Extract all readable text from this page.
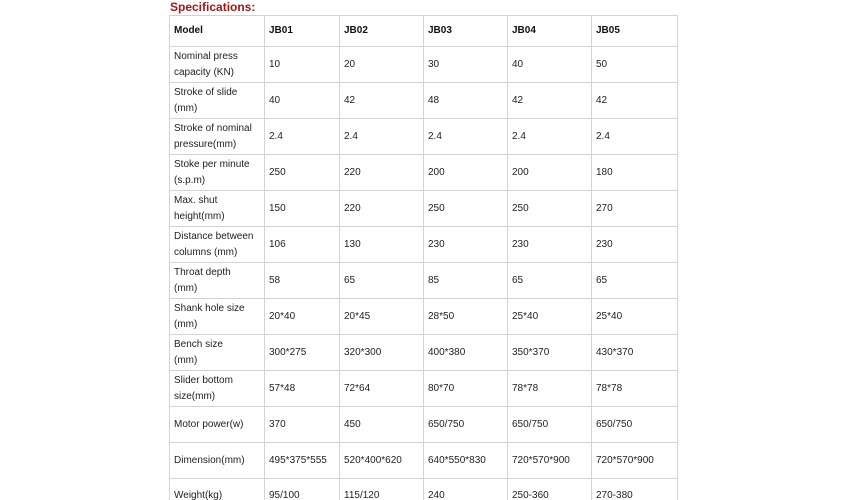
Specifications:
Model	JB01	JB02	JB03	JB04	JB05
Nominal press
capacity (KN)	10	20	30	40	50
Stroke of slide
(mm)	40	42	48	42	42
Stroke of nominal
pressure(mm)	2.4	2.4	2.4	2.4	2.4
Stoke per minute
(s.p.m)	250	220	200	200	180
Max. shut
height(mm)	150	220	250	250	270
Distance between
columns (mm)	106	130	230	230	230
Throat depth
(mm)	58	65	85	65	65
Shank hole size
(mm)	20*40	20*45	28*50	25*40	25*40
Bench size
(mm)	300*275	320*300	400*380	350*370	430*370
Slider bottom
size(mm)	57*48	72*64	80*70	78*78	78*78
Motor power(w)	370	450	650/750	650/750	650/750
Dimension(mm)	495*375*555	520*400*620	640*550*830	720*570*900	720*570*900
Weight(kg)	95/100	115/120	240	250-360	270-380
